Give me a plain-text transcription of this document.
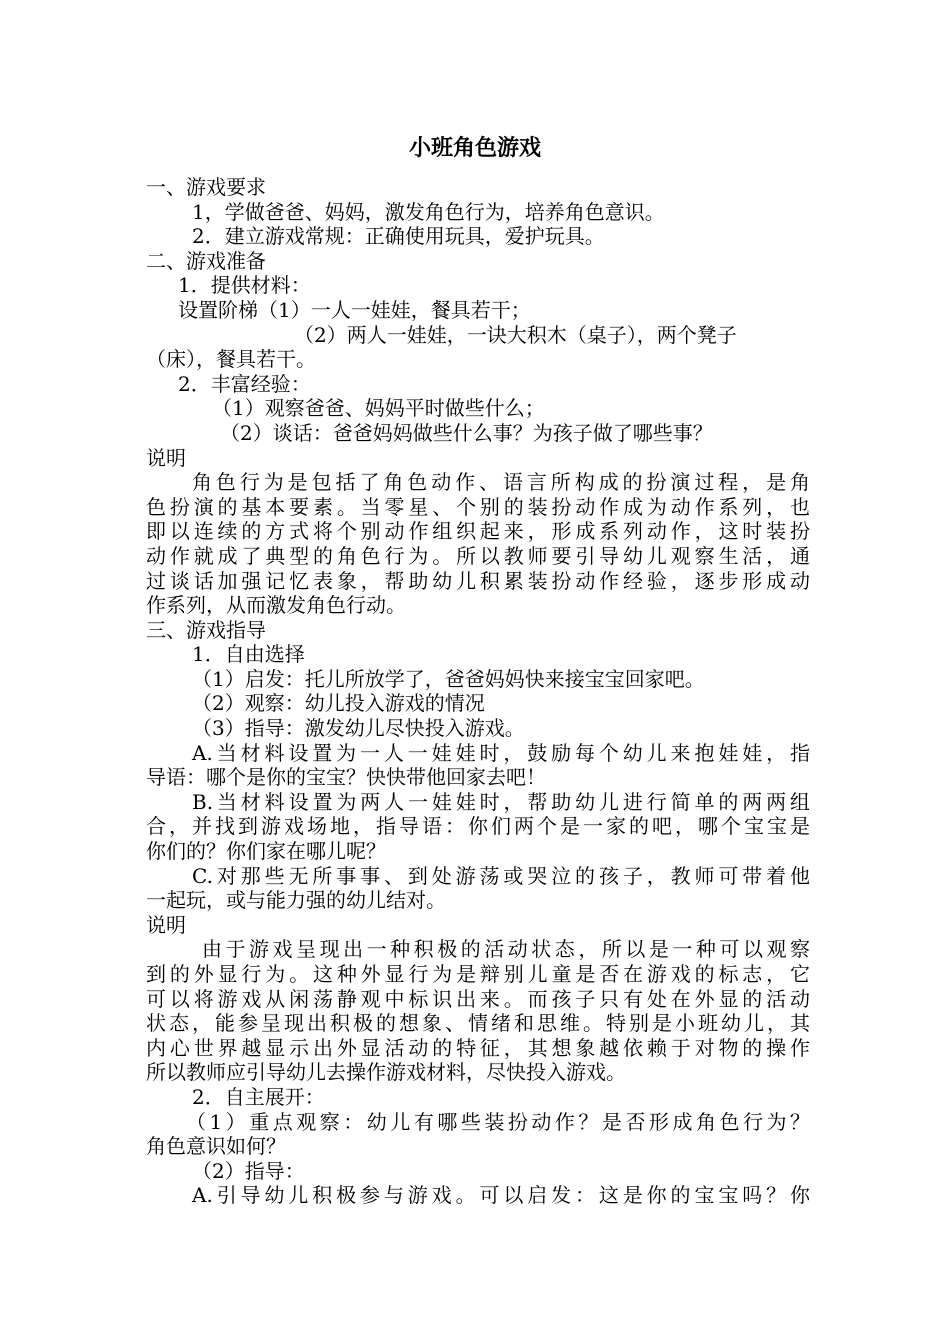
小班角色游戏
一、游戏要求
1，学做爸爸、妈妈，激发角色行为，培养角色意识。
2．建立游戏常规：正确使用玩具，爱护玩具。
二、游戏准备
1．提供材料：
设置阶梯（1）一人一娃娃，餐具若干；
（2）两人一娃娃，一诀大积木（桌子），两个凳子
（床），餐具若干。
2．丰富经验：
（1）观察爸爸、妈妈平时做些什么；
（2）谈话：爸爸妈妈做些什么事？为孩子做了哪些事？
说明
角色行为是包括了角色动作、语言所构成的扮演过程，是角
色扮演的基本要素。当零星、个别的装扮动作成为动作系列，也
即以连续的方式将个别动作组织起来，形成系列动作，这时装扮
动作就成了典型的角色行为。所以教师要引导幼儿观察生活，通
过谈话加强记忆表象，帮助幼儿积累装扮动作经验，逐步形成动
作系列，从而激发角色行动。
三、游戏指导
1．自由选择
（1）启发：托儿所放学了，爸爸妈妈快来接宝宝回家吧。
（2）观察：幼儿投入游戏的情况
（3）指导：激发幼儿尽快投入游戏。
A.当材料设置为一人一娃娃时，鼓励每个幼儿来抱娃娃，指
导语：哪个是你的宝宝？快快带他回家去吧！
B.当材料设置为两人一娃娃时，帮助幼儿进行简单的两两组
合，并找到游戏场地，指导语：你们两个是一家的吧，哪个宝宝是
你们的？你们家在哪儿呢？
C.对那些无所事事、到处游荡或哭泣的孩子，教师可带着他
一起玩，或与能力强的幼儿结对。
说明
由于游戏呈现出一种积极的活动状态，所以是一种可以观察
到的外显行为。这种外显行为是辩别儿童是否在游戏的标志，它
可以将游戏从闲荡静观中标识出来。而孩子只有处在外显的活动
状态，能参呈现出积极的想象、情绪和思维。特别是小班幼儿，其
内心世界越显示出外显活动的特征，其想象越依赖于对物的操作
所以教师应引导幼儿去操作游戏材料，尽快投入游戏。
2．自主展开：
（1）重点观察：幼儿有哪些装扮动作？是否形成角色行为？
角色意识如何？
（2）指导：
A.引导幼儿积极参与游戏。可以启发：这是你的宝宝吗？你
